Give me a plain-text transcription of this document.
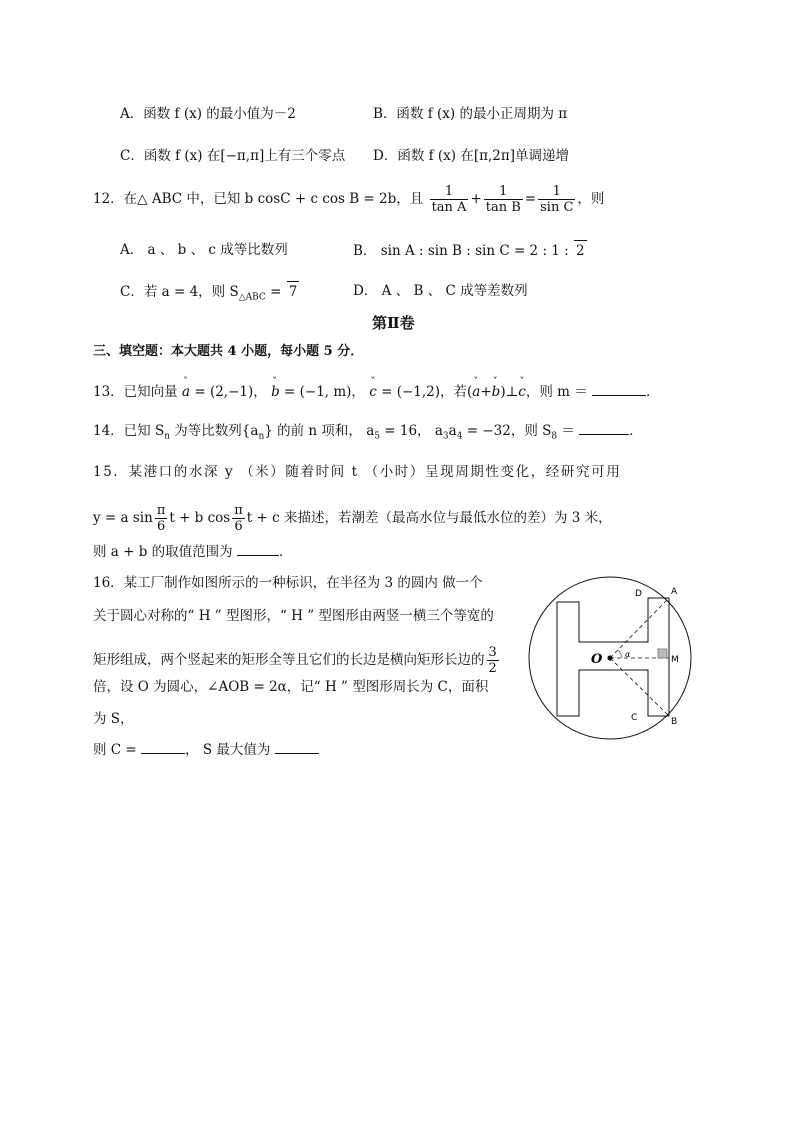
A．函数 f (x) 的最小值为－2	B．函数 f (x) 的最小正周期为 π
C．函数 f (x) 在[−π,π]上有三个零点 D．函数 f (x) 在[π,2π]单调递增
12．在△ ABC 中，已知 b cosC + c cos B = 2b，且 $\frac{1}{\text{tan A}} + \frac{1}{\text{tan B}} = \frac{1}{\text{sin C}}$ ，则
A． a 、 b 、 c 成等比数列	B． sin A : sin B : sin C = 2 : 1 : 2
C．若 a = 4，则 $S_{\triangle ABC} = 7$	D． A 、 B 、 C 成等差数列
第Ⅱ卷
三、填空题：本大题共 4 小题，每小题 5 分．
13．已知向量 ˇ a = (2,−1)， ˇ b = (−1, m)， ˇ c = (−1,2)，若(ˇ a+ˇ b)⊥ˇ c，则 m ＝	．
14．已知 $S_n$ 为等比数列$\{a_n\}$ 的前 n 项和， $a_5 = 16$， $a_3a_4 = -32$，则 $S_8$ ＝	．
15．某港口的水深 y （米）随着时间 t （小时）呈现周期性变化，经研究可用
y = a $\sin \frac{\pi}{6}$ t + b $\cos \frac{\pi}{6}$ t + c 来描述，若潮差（最高水位与最低水位的差）为 3 米，
则 a + b 的取值范围为	．
16．某工厂制作如图所示的一种标识，在半径为 3 的圆内 做一个
关于圆心对称的“ H ” 型图形，“ H ” 型图形由两竖一横三个等宽的
矩形组成，两个竖起来的矩形全等且它们的长边是横向矩形长边的 $\frac{3}{2}$
倍，设 O 为圆心，∠AOB = 2α，记“ H ” 型图形周长为 C，面积
为 S，
则 C =	， S 最大值为
O	α
A
D
M
C	B
